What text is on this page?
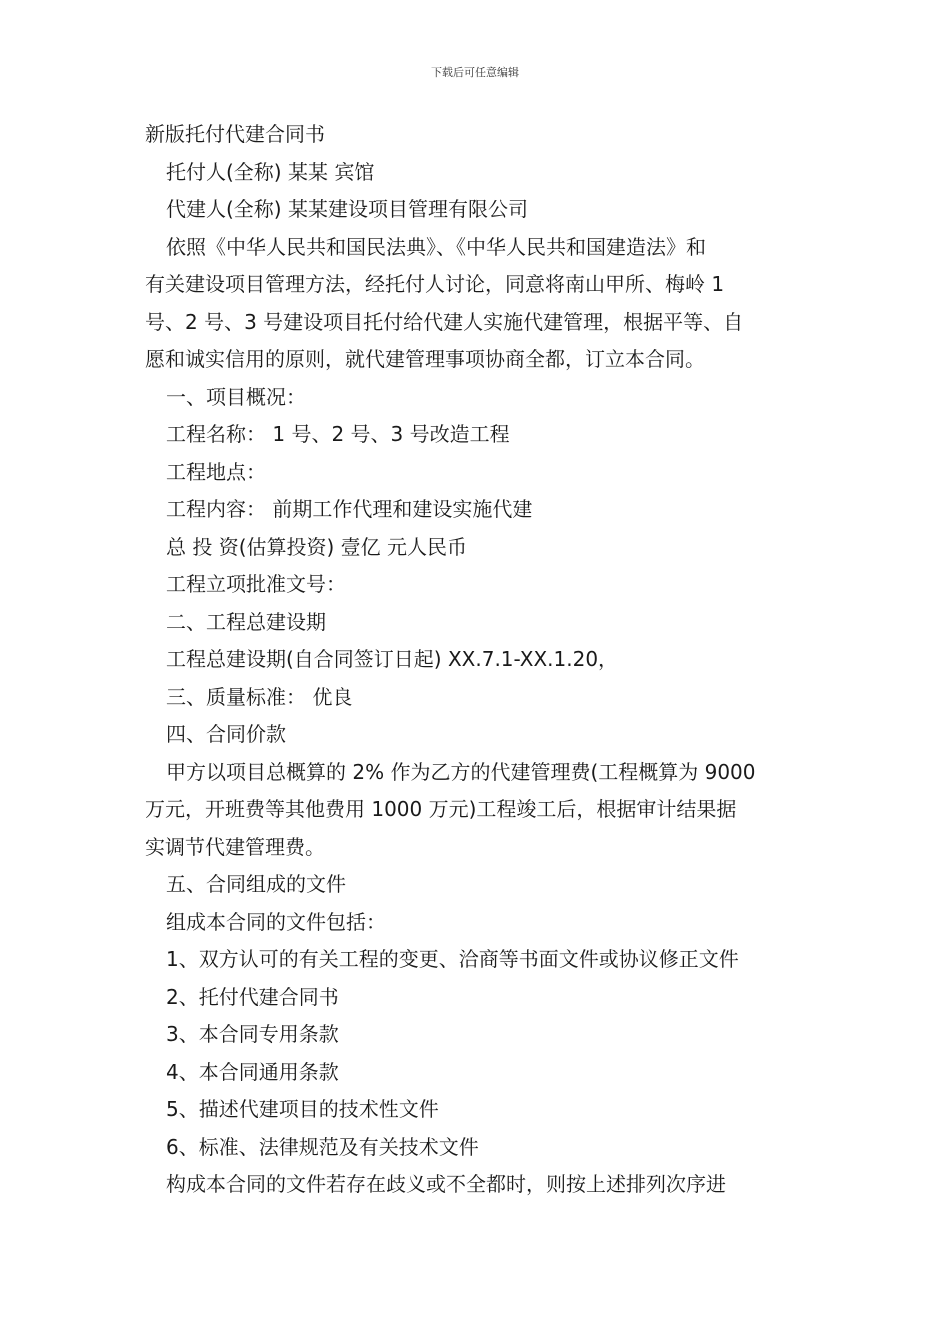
下载后可任意编辑
新版托付代建合同书
托付人(全称) 某某 宾馆
代建人(全称) 某某建设项目管理有限公司
依照《中华人民共和国民法典》、《中华人民共和国建造法》和
有关建设项目管理方法，经托付人讨论，同意将南山甲所、梅岭 1
号、2 号、3 号建设项目托付给代建人实施代建管理，根据平等、自
愿和诚实信用的原则，就代建管理事项协商全都，订立本合同。
一、项目概况：
工程名称： 1 号、2 号、3 号改造工程
工程地点：
工程内容： 前期工作代理和建设实施代建
总 投 资(估算投资) 壹亿 元人民币
工程立项批准文号：
二、工程总建设期
工程总建设期(自合同签订日起) XX.7.1-XX.1.20，
三、质量标准： 优良
四、合同价款
甲方以项目总概算的 2% 作为乙方的代建管理费(工程概算为 9000
万元，开班费等其他费用 1000 万元)工程竣工后，根据审计结果据
实调节代建管理费。
五、合同组成的文件
组成本合同的文件包括：
1、双方认可的有关工程的变更、洽商等书面文件或协议修正文件
2、托付代建合同书
3、本合同专用条款
4、本合同通用条款
5、描述代建项目的技术性文件
6、标准、法律规范及有关技术文件
构成本合同的文件若存在歧义或不全都时，则按上述排列次序进
